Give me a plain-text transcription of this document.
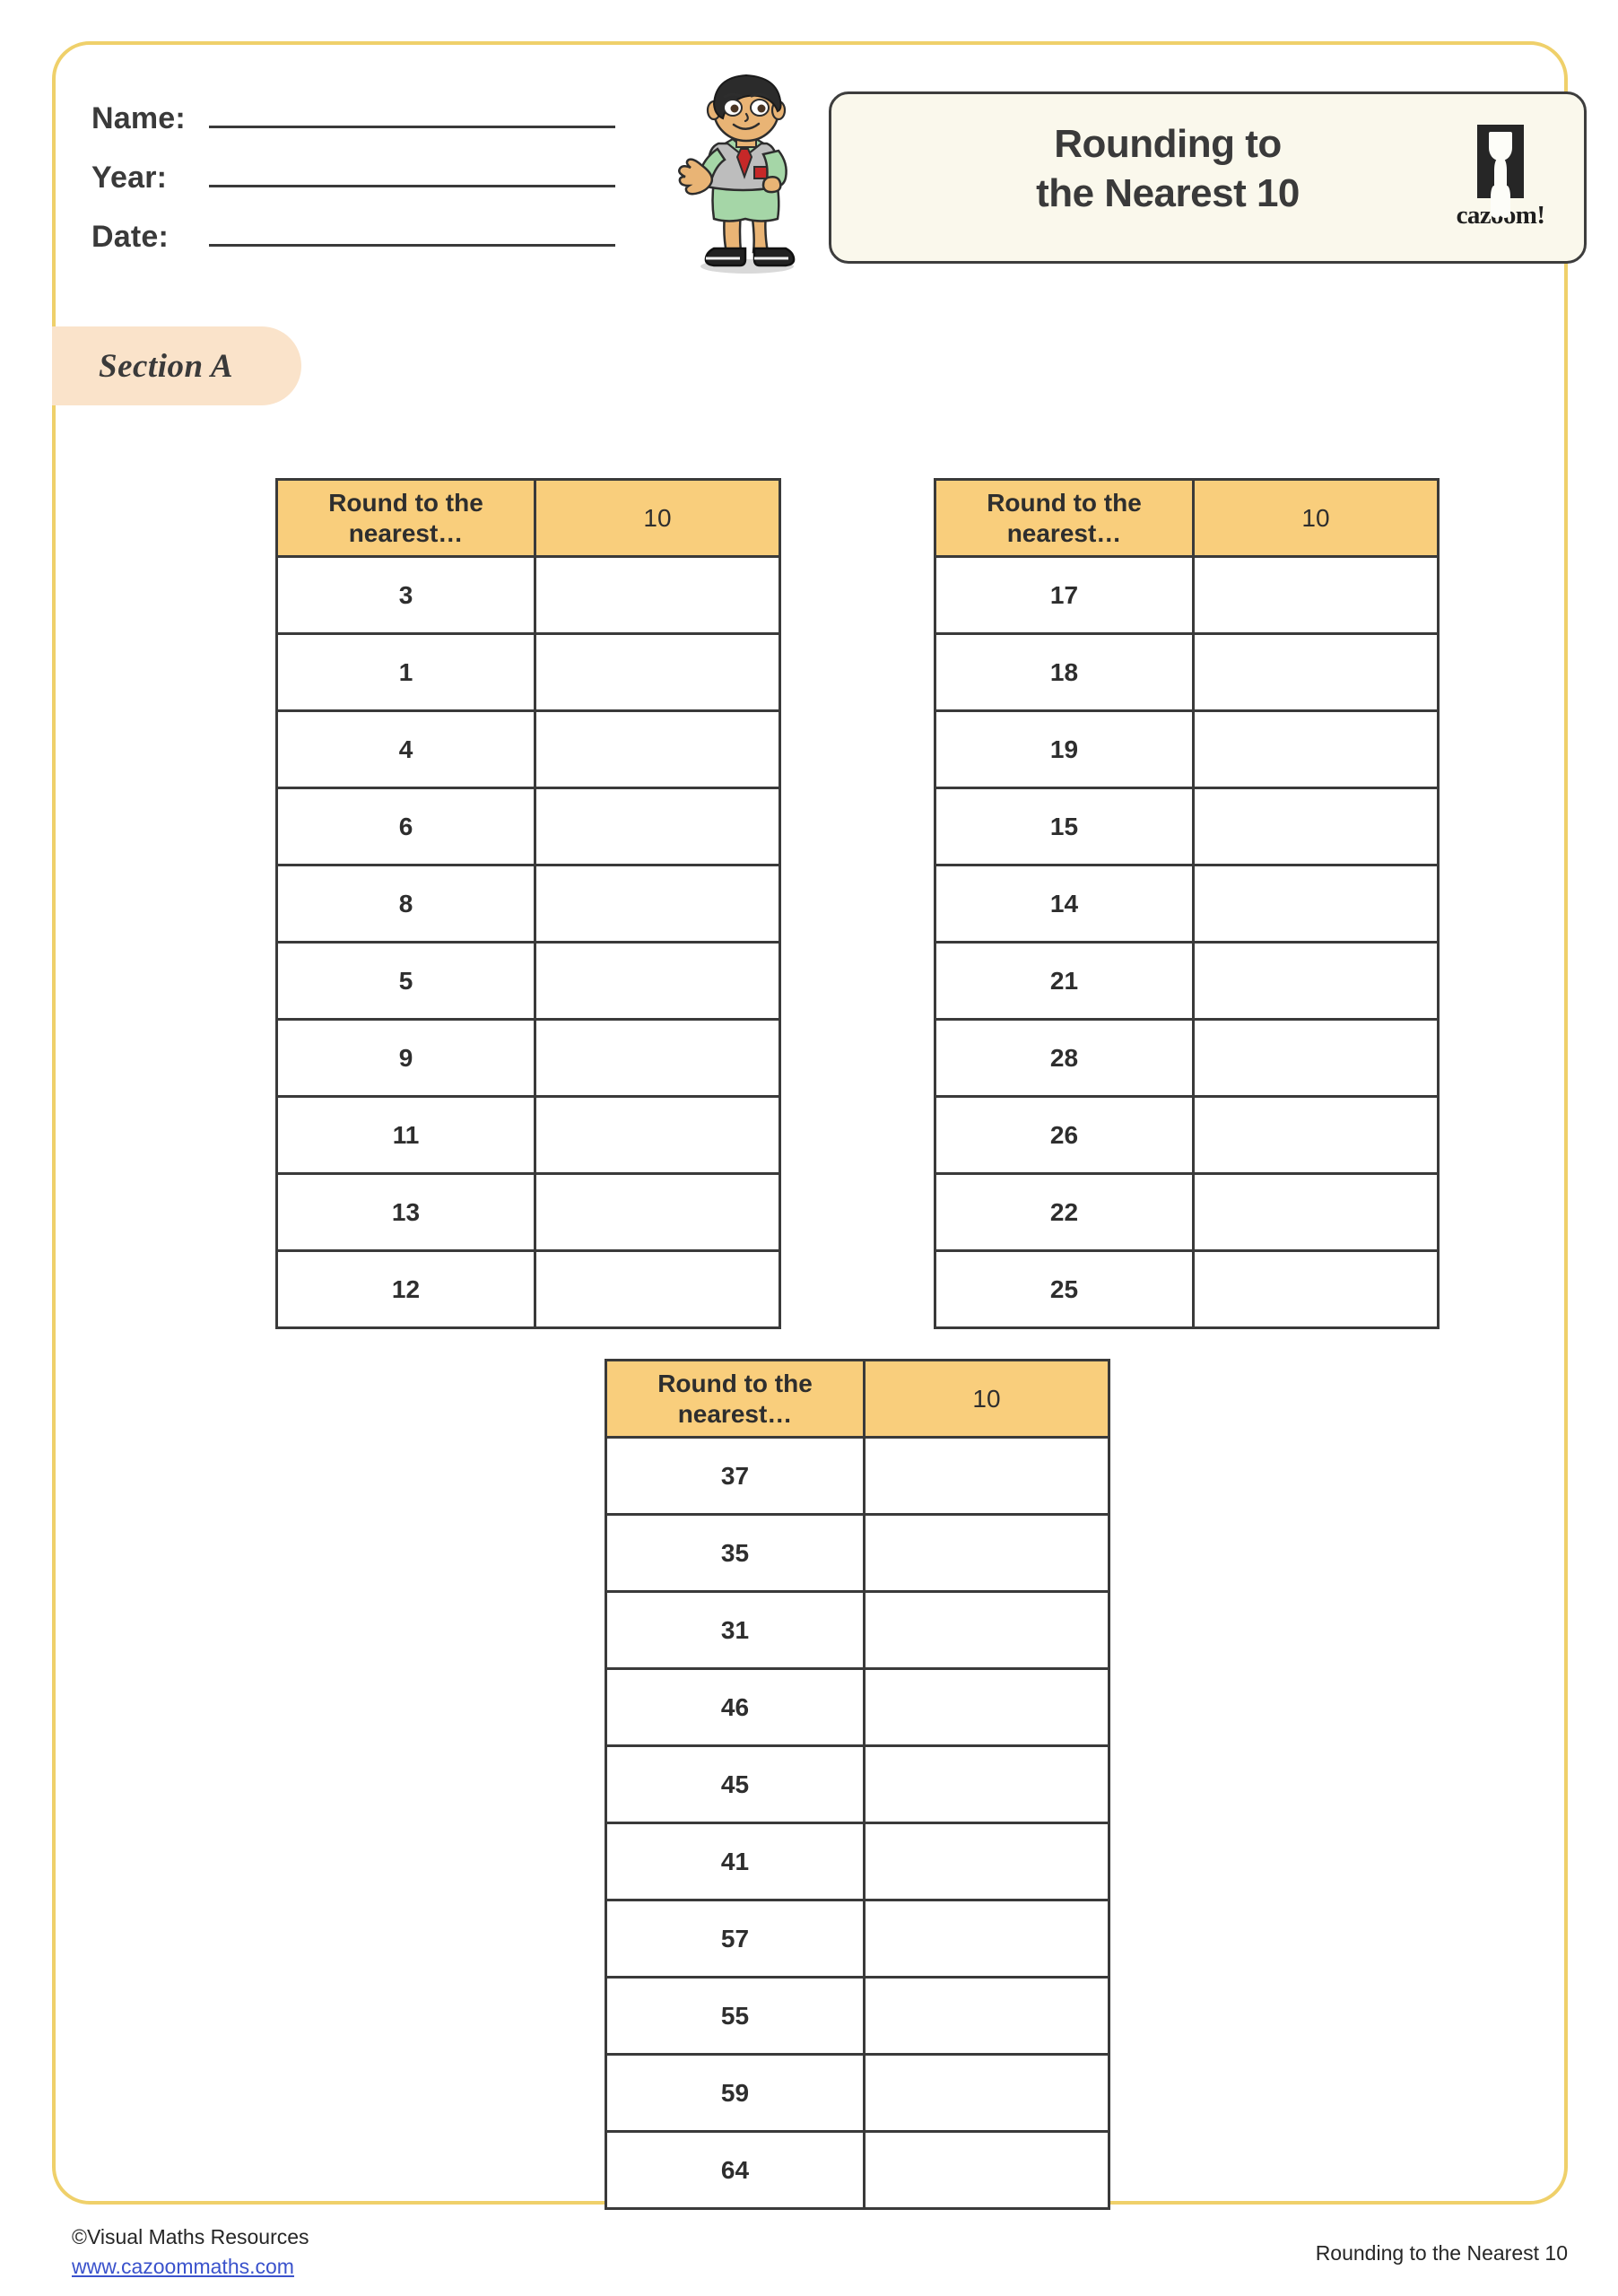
Name:
Year:
Date:
Rounding to
the Nearest 10	cazoom!
Section A
Round to the nearest…	10
3	
1	
4	
6	
8	
5	
9	
11	
13	
12	
Round to the nearest…	10
17	
18	
19	
15	
14	
21	
28	
26	
22	
25	
Round to the nearest…	10
37	
35	
31	
46	
45	
41	
57	
55	
59	
64	
©Visual Maths Resources
www.cazoommaths.com
Rounding to the Nearest 10
